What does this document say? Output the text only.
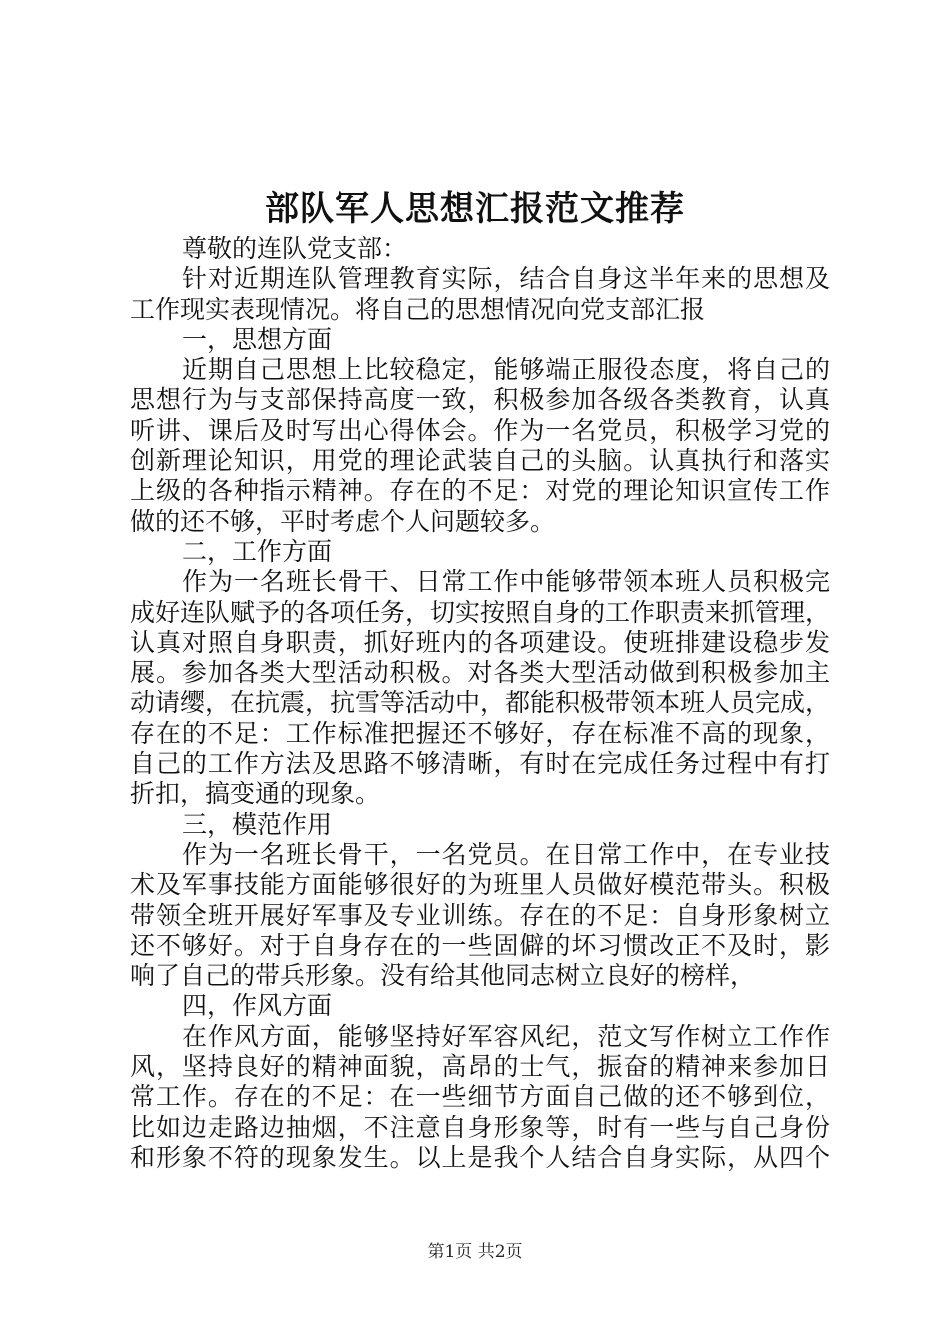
部队军人思想汇报范文推荐
尊敬的连队党支部：
针对近期连队管理教育实际，结合自身这半年来的思想及
工作现实表现情况。将自己的思想情况向党支部汇报
一，思想方面
近期自己思想上比较稳定，能够端正服役态度，将自己的
思想行为与支部保持高度一致，积极参加各级各类教育，认真
听讲、课后及时写出心得体会。作为一名党员，积极学习党的
创新理论知识，用党的理论武装自己的头脑。认真执行和落实
上级的各种指示精神。存在的不足：对党的理论知识宣传工作
做的还不够，平时考虑个人问题较多。
二，工作方面
作为一名班长骨干、日常工作中能够带领本班人员积极完
成好连队赋予的各项任务，切实按照自身的工作职责来抓管理，
认真对照自身职责，抓好班内的各项建设。使班排建设稳步发
展。参加各类大型活动积极。对各类大型活动做到积极参加主
动请缨，在抗震，抗雪等活动中，都能积极带领本班人员完成，
存在的不足：工作标准把握还不够好，存在标准不高的现象，
自己的工作方法及思路不够清晰，有时在完成任务过程中有打
折扣，搞变通的现象。
三，模范作用
作为一名班长骨干，一名党员。在日常工作中，在专业技
术及军事技能方面能够很好的为班里人员做好模范带头。积极
带领全班开展好军事及专业训练。存在的不足：自身形象树立
还不够好。对于自身存在的一些固僻的坏习惯改正不及时，影
响了自己的带兵形象。没有给其他同志树立良好的榜样，
四，作风方面
在作风方面，能够坚持好军容风纪，范文写作树立工作作
风，坚持良好的精神面貌，高昂的士气，振奋的精神来参加日
常工作。存在的不足：在一些细节方面自己做的还不够到位，
比如边走路边抽烟，不注意自身形象等，时有一些与自己身份
和形象不符的现象发生。以上是我个人结合自身实际，从四个
第1页 共2页
